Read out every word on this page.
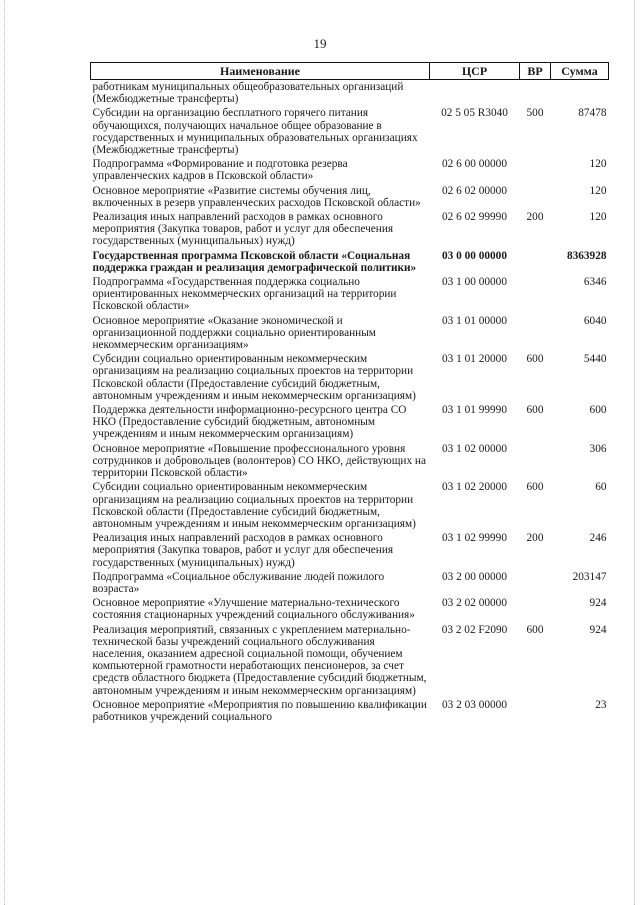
19
Наименование	ЦСР	ВР	Сумма
работникам муниципальных общеобразовательных организаций (Межбюджетные трансферты)			
Субсидии на организацию бесплатного горячего питания обучающихся, получающих начальное общее образование в государственных и муниципальных образовательных организациях (Межбюджетные трансферты)	02 5 05 R3040	500	87478
Подпрограмма «Формирование и подготовка резерва управленческих кадров в Псковской области»	02 6 00 00000		120
Основное мероприятие «Развитие системы обучения лиц, включенных в резерв управленческих расходов Псковской области»	02 6 02 00000		120
Реализация иных направлений расходов в рамках основного мероприятия (Закупка товаров, работ и услуг для обеспечения государственных (муниципальных) нужд)	02 6 02 99990	200	120
Государственная программа Псковской области «Социальная поддержка граждан и реализация демографической политики»	03 0 00 00000		8363928
Подпрограмма «Государственная поддержка социально ориентированных некоммерческих организаций на территории Псковской области»	03 1 00 00000		6346
Основное мероприятие «Оказание экономической и организационной поддержки социально ориентированным некоммерческим организациям»	03 1 01 00000		6040
Субсидии социально ориентированным некоммерческим организациям на реализацию социальных проектов на территории Псковской области (Предоставление субсидий бюджетным, автономным учреждениям и иным некоммерческим организациям)	03 1 01 20000	600	5440
Поддержка деятельности информационно-ресурсного центра СО НКО (Предоставление субсидий бюджетным, автономным учреждениям и иным некоммерческим организациям)	03 1 01 99990	600	600
Основное мероприятие «Повышение профессионального уровня сотрудников и добровольцев (волонтеров) СО НКО, действующих на территории Псковской области»	03 1 02 00000		306
Субсидии социально ориентированным некоммерческим организациям на реализацию социальных проектов на территории Псковской области (Предоставление субсидий бюджетным, автономным учреждениям и иным некоммерческим организациям)	03 1 02 20000	600	60
Реализация иных направлений расходов в рамках основного мероприятия (Закупка товаров, работ и услуг для обеспечения государственных (муниципальных) нужд)	03 1 02 99990	200	246
Подпрограмма «Социальное обслуживание людей пожилого возраста»	03 2 00 00000		203147
Основное мероприятие «Улучшение материально-технического состояния стационарных учреждений социального обслуживания»	03 2 02 00000		924
Реализация мероприятий, связанных с укреплением материально-технической базы учреждений социального обслуживания населения, оказанием адресной социальной помощи, обучением компьютерной грамотности неработающих пенсионеров, за счет средств областного бюджета (Предоставление субсидий бюджетным, автономным учреждениям и иным некоммерческим организациям)	03 2 02 F2090	600	924
Основное мероприятие «Мероприятия по повышению квалификации работников учреждений социального	03 2 03 00000		23
